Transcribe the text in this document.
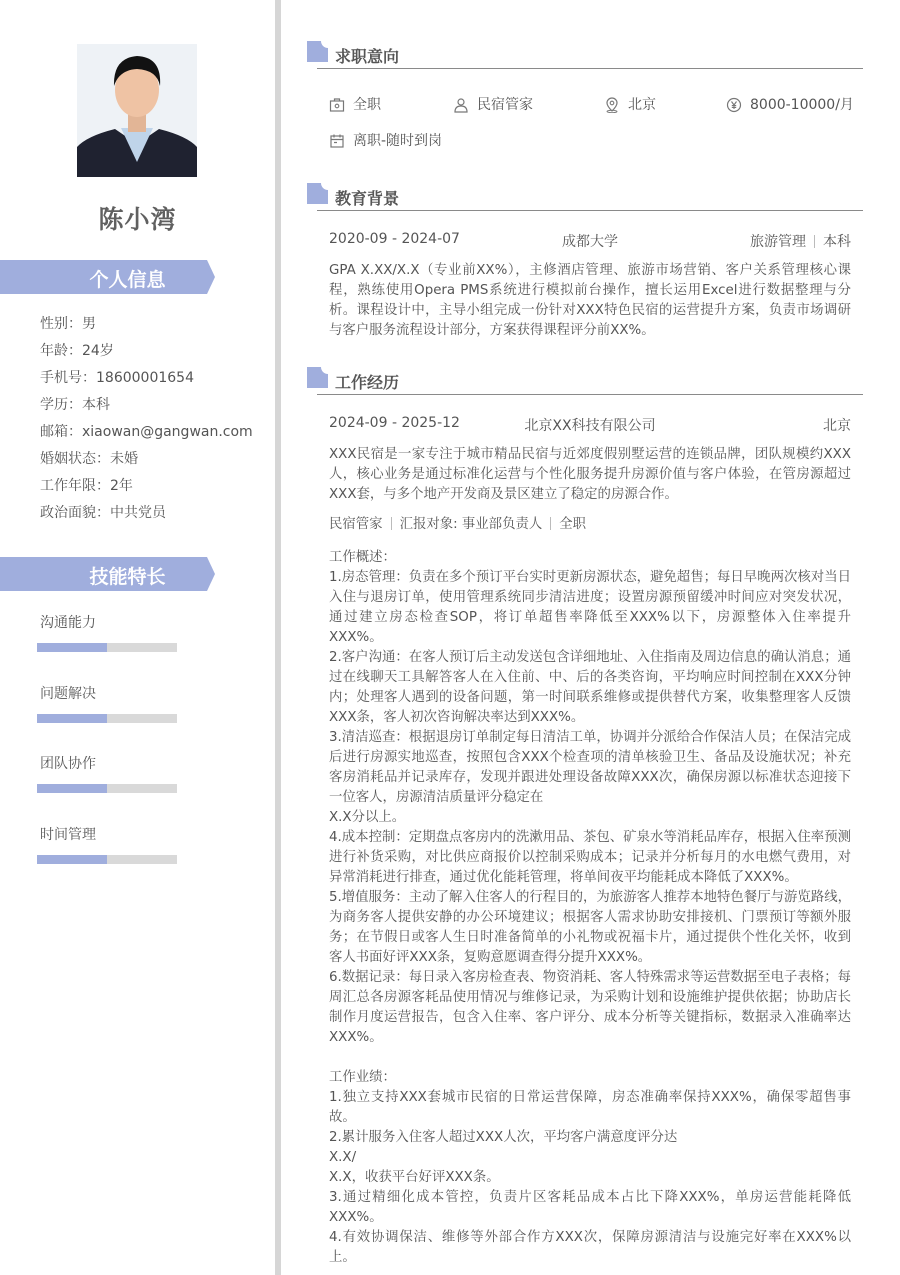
陈小湾
个人信息
性别：男
年龄：24岁
手机号：18600001654
学历：本科
邮箱：xiaowan@gangwan.com
婚姻状态：未婚
工作年限：2年
政治面貌：中共党员
技能特长
沟通能力
问题解决
团队协作
时间管理
求职意向
全职	民宿管家	北京	8000-10000/月
离职-随时到岗
教育背景
2020-09 - 2024-07	成都大学	旅游管理 本科

GPA X.XX/X.X（专业前XX%），主修酒店管理、旅游市场营销、客户关系管理核心课程，熟练使用Opera PMS系统进行模拟前台操作，擅长运用Excel进行数据整理与分析。课程设计中，主导小组完成一份针对XXX特色民宿的运营提升方案，负责市场调研与客户服务流程设计部分，方案获得课程评分前XX%。

工作经历
2024-09 - 2025-12	北京XX科技有限公司	北京

XXX民宿是一家专注于城市精品民宿与近郊度假别墅运营的连锁品牌，团队规模约XXX人，核心业务是通过标准化运营与个性化服务提升房源价值与客户体验，在管房源超过XXX套，与多个地产开发商及景区建立了稳定的房源合作。

民宿管家 汇报对象: 事业部负责人 全职

工作概述：

1.房态管理：负责在多个预订平台实时更新房源状态，避免超售；每日早晚两次核对当日入住与退房订单，使用管理系统同步清洁进度；设置房源预留缓冲时间应对突发状况，通过建立房态检查SOP，将订单超售率降低至XXX%以下，房源整体入住率提升XXX%。

2.客户沟通：在客人预订后主动发送包含详细地址、入住指南及周边信息的确认消息；通过在线聊天工具解答客人在入住前、中、后的各类咨询，平均响应时间控制在XXX分钟内；处理客人遇到的设备问题，第一时间联系维修或提供替代方案，收集整理客人反馈XXX条，客人初次咨询解决率达到XXX%。

3.清洁巡查：根据退房订单制定每日清洁工单，协调并分派给合作保洁人员；在保洁完成后进行房源实地巡查，按照包含XXX个检查项的清单核验卫生、备品及设施状况；补充客房消耗品并记录库存，发现并跟进处理设备故障XXX次，确保房源以标准状态迎接下一位客人，房源清洁质量评分稳定在

X.X分以上。

4.成本控制：定期盘点客房内的洗漱用品、茶包、矿泉水等消耗品库存，根据入住率预测进行补货采购，对比供应商报价以控制采购成本；记录并分析每月的水电燃气费用，对异常消耗进行排查，通过优化能耗管理，将单间夜平均能耗成本降低了XXX%。

5.增值服务：主动了解入住客人的行程目的，为旅游客人推荐本地特色餐厅与游览路线，为商务客人提供安静的办公环境建议；根据客人需求协助安排接机、门票预订等额外服务；在节假日或客人生日时准备简单的小礼物或祝福卡片，通过提供个性化关怀，收到客人书面好评XXX条，复购意愿调查得分提升XXX%。

6.数据记录：每日录入客房检查表、物资消耗、客人特殊需求等运营数据至电子表格；每周汇总各房源客耗品使用情况与维修记录，为采购计划和设施维护提供依据；协助店长制作月度运营报告，包含入住率、客户评分、成本分析等关键指标，数据录入准确率达XXX%。

工作业绩：

1.独立支持XXX套城市民宿的日常运营保障，房态准确率保持XXX%，确保零超售事故。

2.累计服务入住客人超过XXX人次，平均客户满意度评分达

X.X/

X.X，收获平台好评XXX条。

3.通过精细化成本管控，负责片区客耗品成本占比下降XXX%，单房运营能耗降低XXX%。

4.有效协调保洁、维修等外部合作方XXX次，保障房源清洁与设施完好率在XXX%以上。
